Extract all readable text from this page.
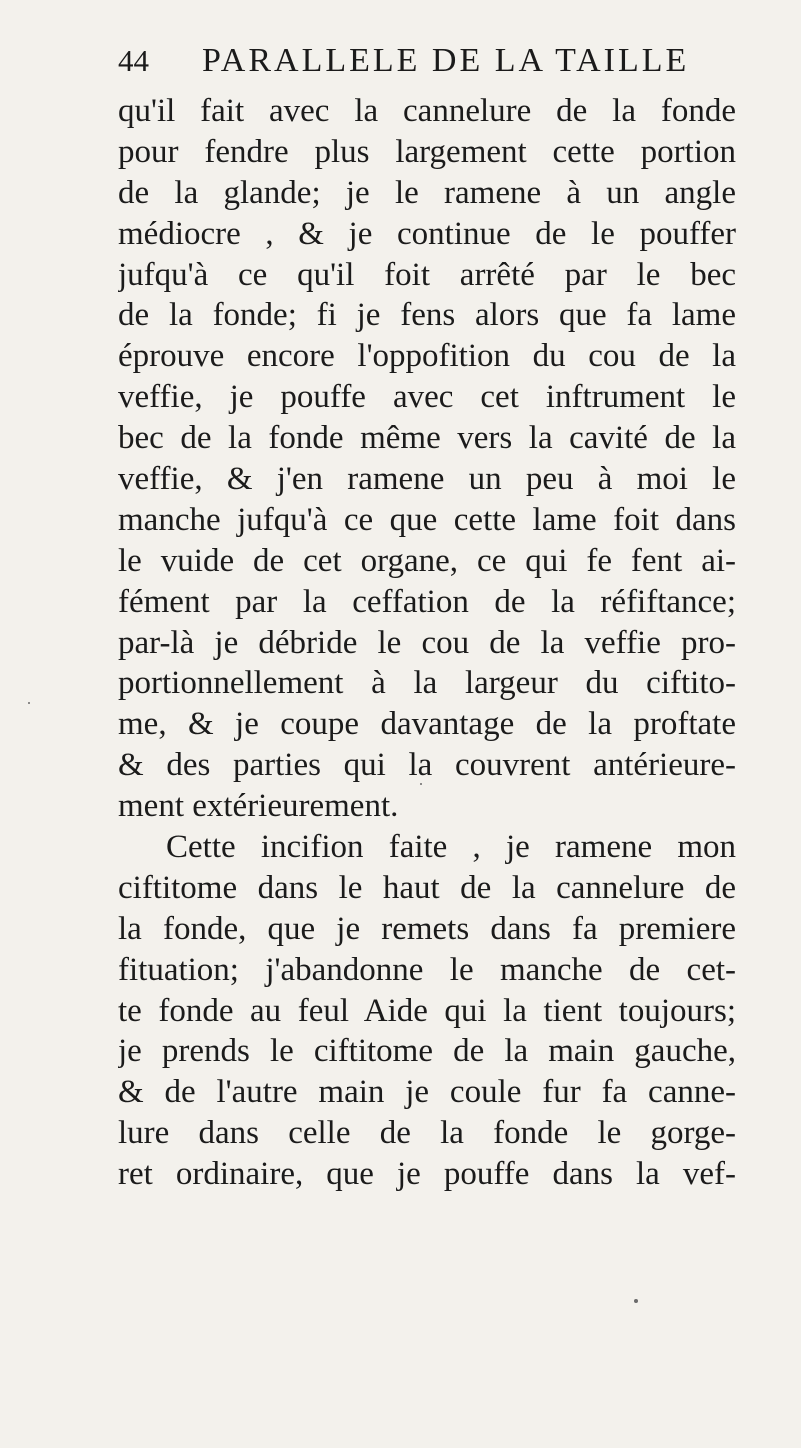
44 PARALLELE DE LA TAILLE
qu'il fait avec la cannelure de la fonde
pour fendre plus largement cette portion
de la glande; je le ramene à un angle
médiocre , & je continue de le pouffer
jufqu'à ce qu'il foit arrêté par le bec
de la fonde; fi je fens alors que fa lame
éprouve encore l'oppofition du cou de la
veffie, je pouffe avec cet inftrument le
bec de la fonde même vers la cavité de la
veffie, & j'en ramene un peu à moi le
manche jufqu'à ce que cette lame foit dans
le vuide de cet organe, ce qui fe fent ai-
fément par la ceffation de la réfiftance;
par-là je débride le cou de la veffie pro-
portionnellement à la largeur du ciftito-
me, & je coupe davantage de la proftate
& des parties qui la couvrent antérieure-
ment extérieurement.
Cette incifion faite , je ramene mon
ciftitome dans le haut de la cannelure de
la fonde, que je remets dans fa premiere
fituation; j'abandonne le manche de cet-
te fonde au feul Aide qui la tient toujours;
je prends le ciftitome de la main gauche,
& de l'autre main je coule fur fa canne-
lure dans celle de la fonde le gorge-
ret ordinaire, que je pouffe dans la vef-
